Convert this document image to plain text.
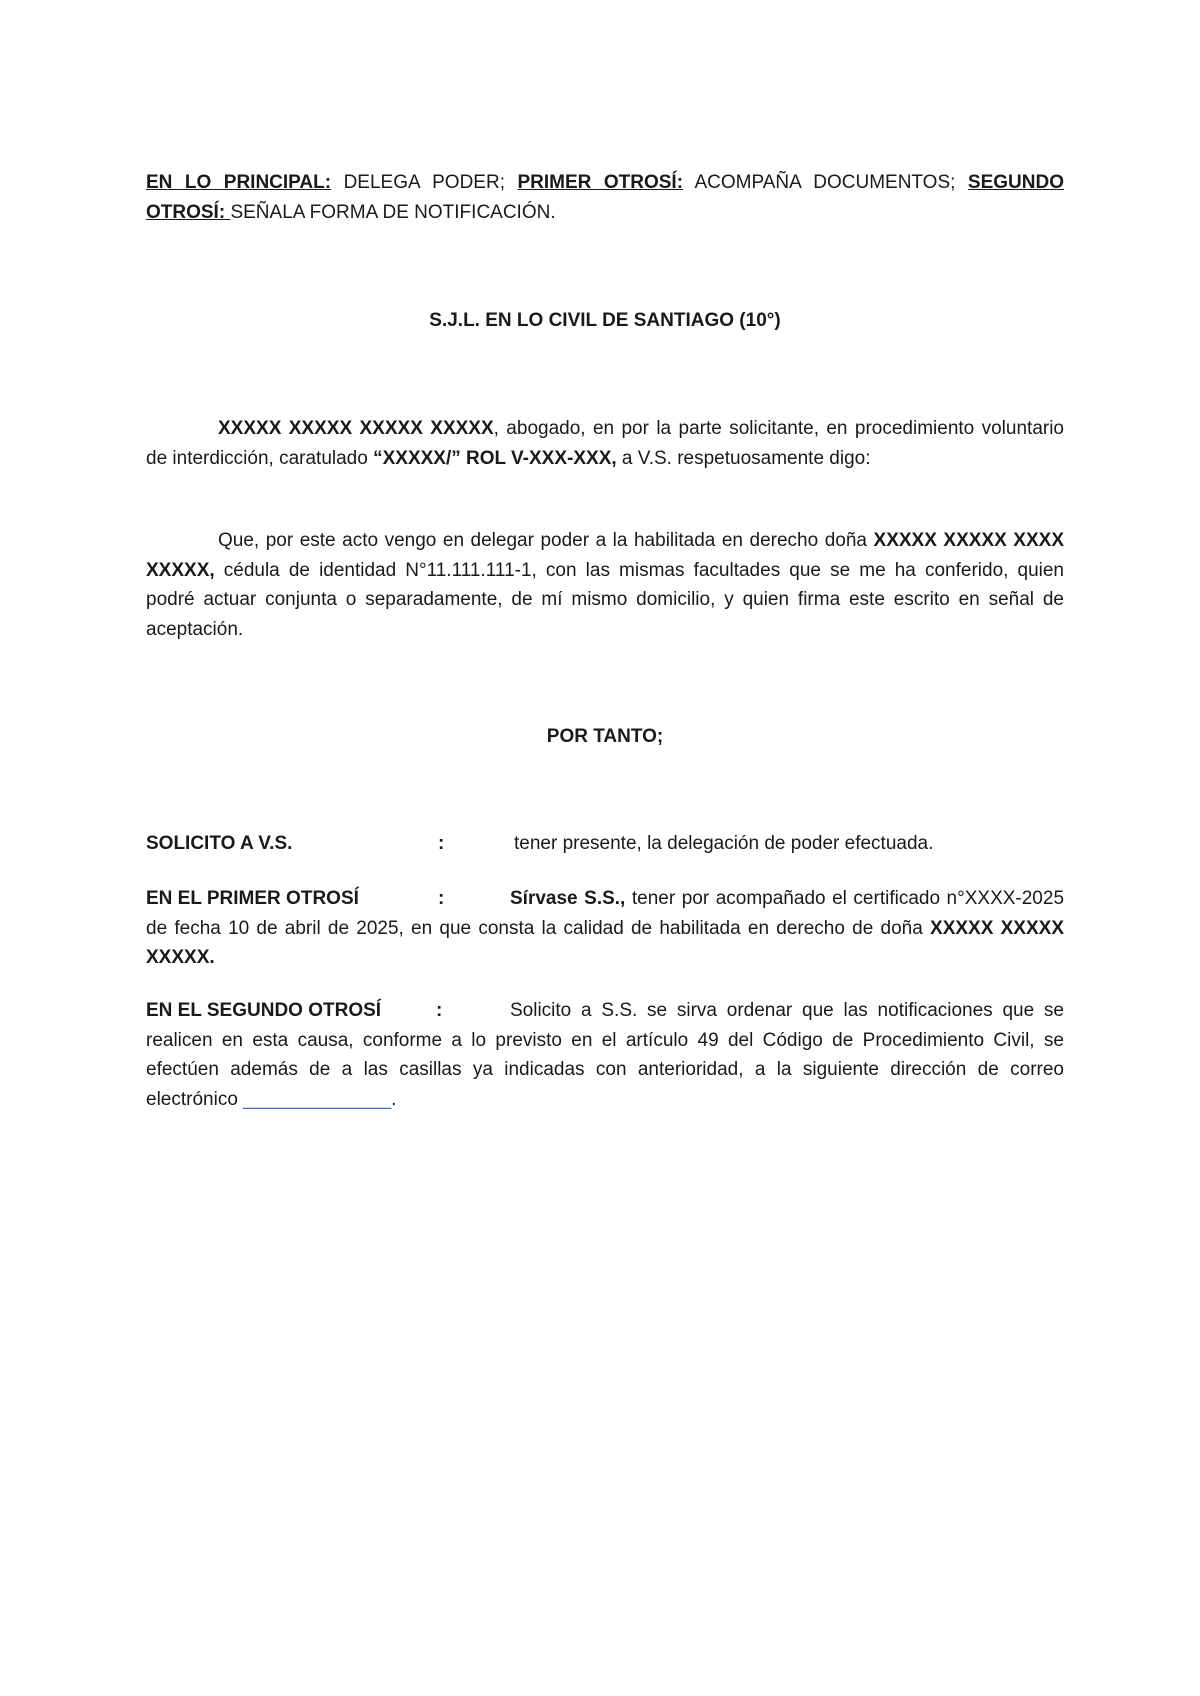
EN LO PRINCIPAL: DELEGA PODER; PRIMER OTROSÍ: ACOMPAÑA DOCUMENTOS; SEGUNDO OTROSÍ: SEÑALA FORMA DE NOTIFICACIÓN.

S.J.L. EN LO CIVIL DE SANTIAGO (10°)

XXXXX XXXXX XXXXX XXXXX, abogado, en por la parte solicitante, en procedimiento voluntario de interdicción, caratulado “XXXXX/” ROL V-XXX-XXX, a V.S. respetuosamente digo:

Que, por este acto vengo en delegar poder a la habilitada en derecho doña XXXXX XXXXX XXXX XXXXX, cédula de identidad N°11.111.111-1, con las mismas facultades que se me ha conferido, quien podré actuar conjunta o separadamente, de mí mismo domicilio, y quien firma este escrito en señal de aceptación.

POR TANTO;

SOLICITO A V.S.	:	tener presente, la delegación de poder efectuada.

EN EL PRIMER OTROSÍ	:	Sírvase S.S., tener por acompañado el certificado n°XXXX-2025 de fecha 10 de abril de 2025, en que consta la calidad de habilitada en derecho de doña XXXXX XXXXX XXXXX.

EN EL SEGUNDO OTROSÍ	:	Solicito a S.S. se sirva ordenar que las notificaciones que se realicen en esta causa, conforme a lo previsto en el artículo 49 del Código de Procedimiento Civil, se efectúen además de a las casillas ya indicadas con anterioridad, a la siguiente dirección de correo electrónico ______________.
